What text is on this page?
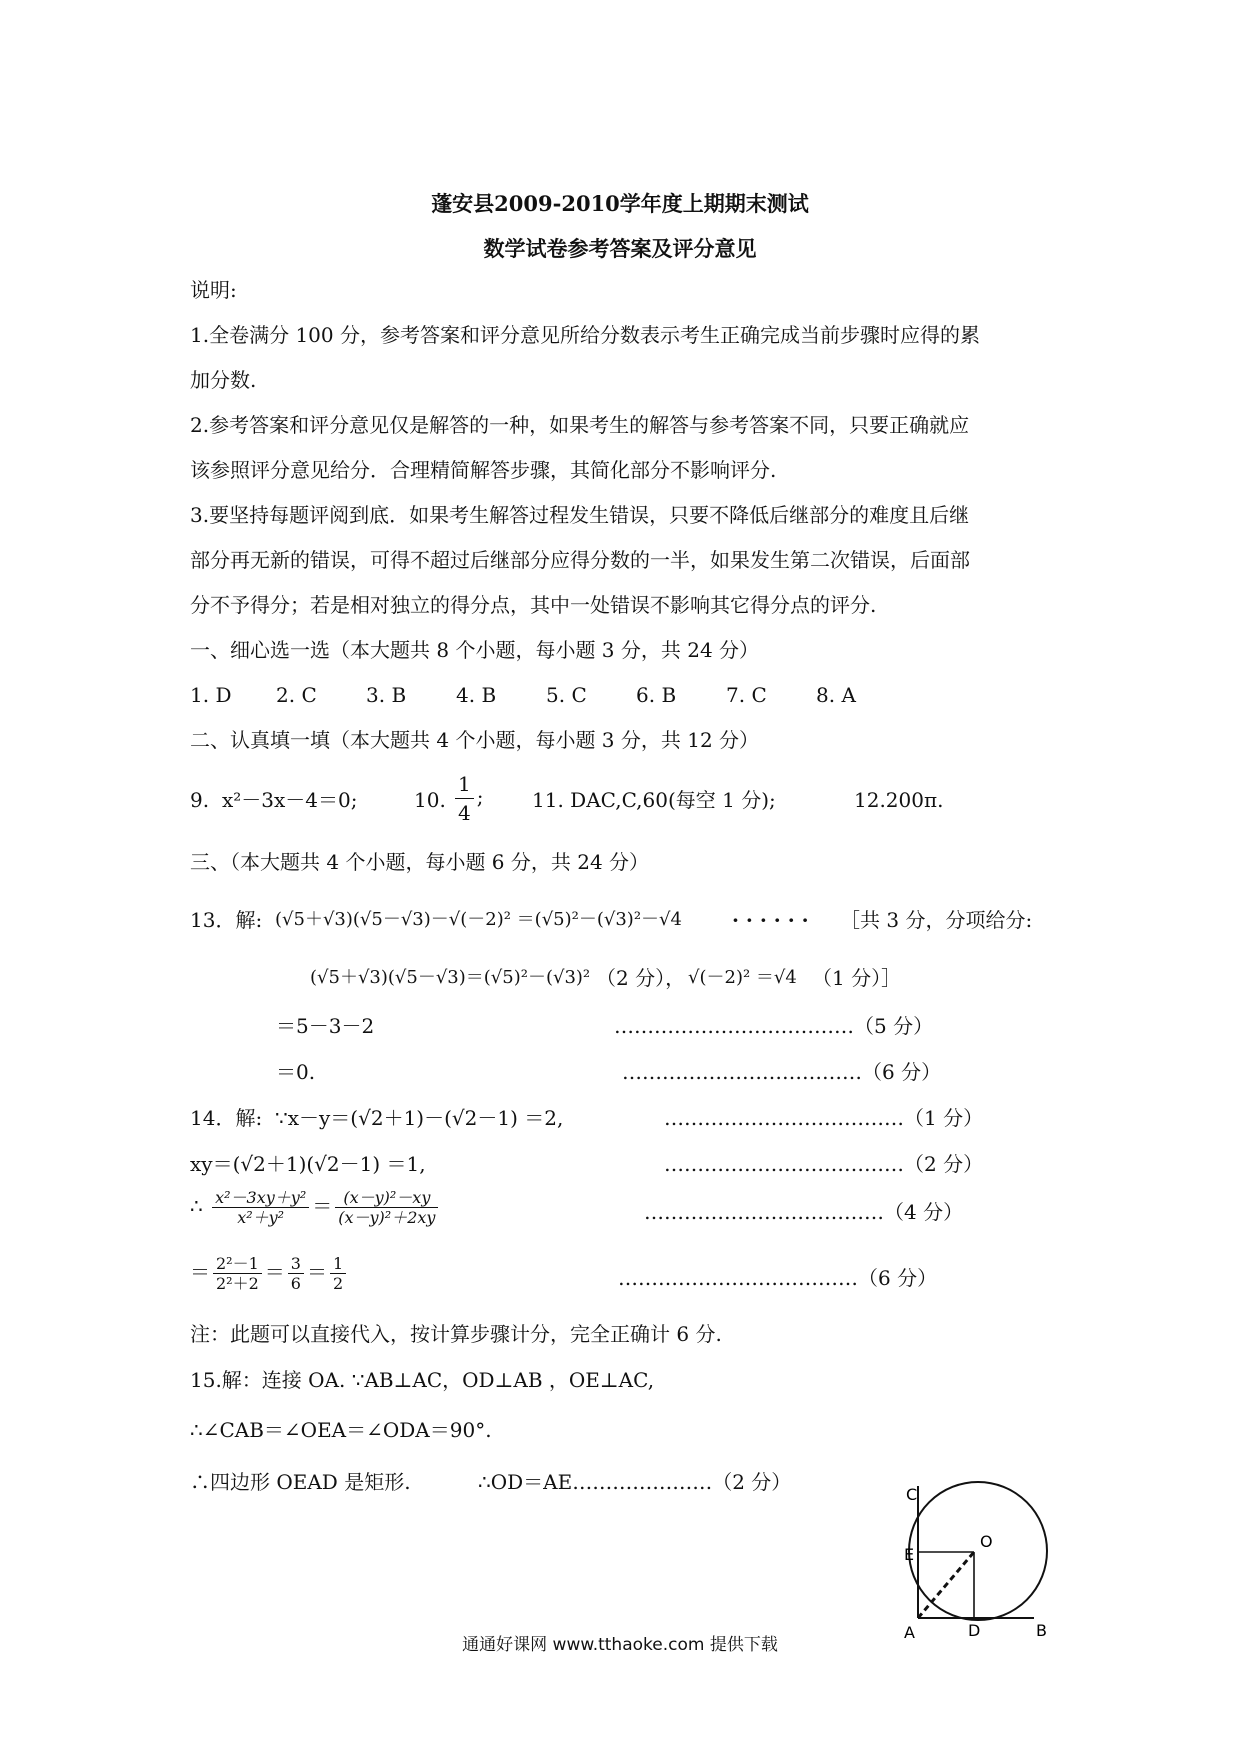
蓬安县2009-2010学年度上期期末测试
数学试卷参考答案及评分意见
说明:
1.全卷满分 100 分，参考答案和评分意见所给分数表示考生正确完成当前步骤时应得的累
加分数.
2.参考答案和评分意见仅是解答的一种，如果考生的解答与参考答案不同，只要正确就应
该参照评分意见给分．合理精简解答步骤，其简化部分不影响评分.
3.要坚持每题评阅到底．如果考生解答过程发生错误，只要不降低后继部分的难度且后继
部分再无新的错误，可得不超过后继部分应得分数的一半，如果发生第二次错误，后面部
分不予得分；若是相对独立的得分点，其中一处错误不影响其它得分点的评分.
一、细心选一选（本大题共 8 个小题，每小题 3 分，共 24 分）
1. D 2. C 3. B 4. B 5. C 6. B 7. C 8. A
二、认真填一填（本大题共 4 个小题，每小题 3 分，共 12 分）
9. x²－3x－4＝0;	10. $\frac{1}{4}$ ; 11. DAC,C,60(每空 1 分);	12.200π.
三、（本大题共 4 个小题，每小题 6 分，共 24 分）
13．解: (√5＋√3)(√5－√3)－√(－2)² ＝(√5)²－(√3)²－√4	· · · · · · ［共 3 分，分项给分:
(√5＋√3)(√5－√3)＝(√5)²－(√3)² （2 分）， √(－2)² ＝√4 （1 分）］
＝5－3－2	………………………………（5 分）
＝0.	………………………………（6 分）
14．解: ∵x－y＝(√2＋1)－(√2－1) ＝2,	………………………………（1 分）
xy＝(√2＋1)(√2－1) ＝1,	………………………………（2 分）
∴ $\frac{\text{x²－3xy＋y²}}{\text{x²＋y²}} = \frac{\text{(x－y)²－xy}}{\text{(x－y)²＋2xy}}$	………………………………（4 分）
＝ $\frac{\text{2²－1}}{\text{2²＋2}} = \frac{3}{6} = \frac{1}{2}$	………………………………（6 分）
注：此题可以直接代入，按计算步骤计分，完全正确计 6 分.
15.解：连接 OA. ∵AB⊥AC，OD⊥AB ，OE⊥AC,
∴∠CAB＝∠OEA＝∠ODA＝90°.
∴四边形 OEAD 是矩形.	∴OD＝AE…………………（2 分）
C
O
E
A	D	B
通通好课网 www.tthaoke.com 提供下载
